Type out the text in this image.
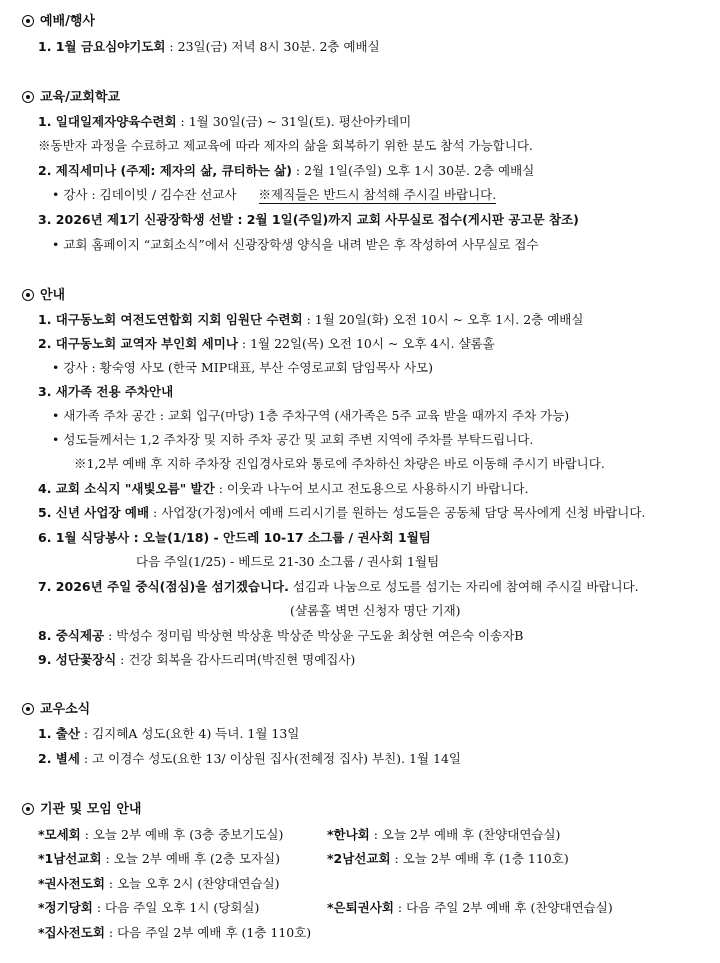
예배/행사
1. 1월 금요심야기도회 : 23일(금) 저녁 8시 30분. 2층 예배실
교육/교회학교
1. 일대일제자양육수련회 : 1월 30일(금) ~ 31일(토). 평산아카데미
※동반자 과정을 수료하고 제교육에 따라 제자의 삶을 회복하기 위한 분도 참석 가능합니다.
2. 제직세미나 (주제: 제자의 삶, 큐티하는 삶) : 2월 1일(주일) 오후 1시 30분. 2층 예배실
• 강사 : 김데이빗 / 김수잔 선교사 ※제직들은 반드시 참석해 주시길 바랍니다.
3. 2026년 제1기 신광장학생 선발 : 2월 1일(주일)까지 교회 사무실로 접수(게시판 공고문 참조)
• 교회 홈페이지 “교회소식”에서 신광장학생 양식을 내려 받은 후 작성하여 사무실로 접수
안내
1. 대구동노회 여전도연합회 지회 임원단 수련회 : 1월 20일(화) 오전 10시 ~ 오후 1시. 2층 예배실
2. 대구동노회 교역자 부인회 세미나 : 1월 22일(목) 오전 10시 ~ 오후 4시. 샬롬홀
• 강사 : 황숙영 사모 (한국 MIP대표, 부산 수영로교회 담임목사 사모)
3. 새가족 전용 주차안내
• 새가족 주차 공간 : 교회 입구(마당) 1층 주차구역 (새가족은 5주 교육 받을 때까지 주차 가능)
• 성도들께서는 1,2 주차장 및 지하 주차 공간 및 교회 주변 지역에 주차를 부탁드립니다.
※1,2부 예배 후 지하 주차장 진입경사로와 통로에 주차하신 차량은 바로 이동해 주시기 바랍니다.
4. 교회 소식지 "새빛오름" 발간 : 이웃과 나누어 보시고 전도용으로 사용하시기 바랍니다.
5. 신년 사업장 예배 : 사업장(가정)에서 예배 드리시기를 원하는 성도들은 공동체 담당 목사에게 신청 바랍니다.
6. 1월 식당봉사 : 오늘(1/18) - 안드레 10-17 소그룹 / 권사회 1월팀
다음 주일(1/25) - 베드로 21-30 소그룹 / 권사회 1월팀
7. 2026년 주일 중식(점심)을 섬기겠습니다. 섬김과 나눔으로 성도를 섬기는 자리에 참여해 주시길 바랍니다.
(샬롬홀 벽면 신청자 명단 기재)
8. 중식제공 : 박성수 정미림 박상현 박상훈 박상준 박상윤 구도윤 최상현 여은숙 이송자B
9. 성단꽃장식 : 건강 회복을 감사드리며(박진현 명예집사)
교우소식
1. 출산 : 김지혜A 성도(요한 4) 득녀. 1월 13일
2. 별세 : 고 이경수 성도(요한 13/ 이상원 집사(전혜정 집사) 부친). 1월 14일
기관 및 모임 안내
*모세회 : 오늘 2부 예배 후 (3층 중보기도실)	*한나회 : 오늘 2부 예배 후 (찬양대연습실)
*1남선교회 : 오늘 2부 예배 후 (2층 모자실)	*2남선교회 : 오늘 2부 예배 후 (1층 110호)
*권사전도회 : 오늘 오후 2시 (찬양대연습실)
*정기당회 : 다음 주일 오후 1시 (당회실)	*은퇴권사회 : 다음 주일 2부 예배 후 (찬양대연습실)
*집사전도회 : 다음 주일 2부 예배 후 (1층 110호)
